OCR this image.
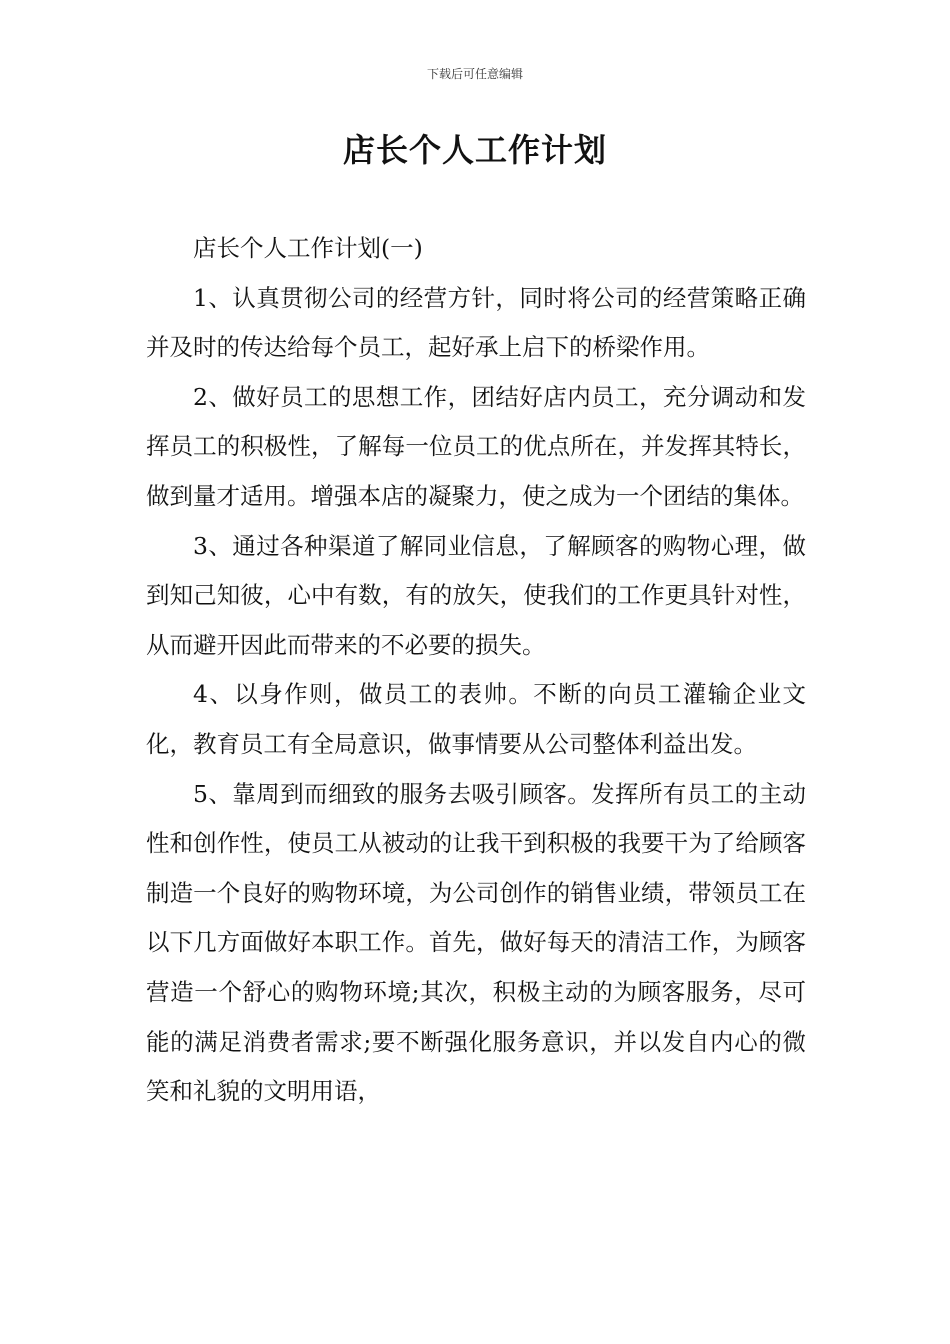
下载后可任意编辑
店长个人工作计划

店长个人工作计划(一)

1、认真贯彻公司的经营方针，同时将公司的经营策略正确并及时的传达给每个员工，起好承上启下的桥梁作用。

2、做好员工的思想工作，团结好店内员工，充分调动和发挥员工的积极性，了解每一位员工的优点所在，并发挥其特长，做到量才适用。增强本店的凝聚力，使之成为一个团结的集体。

3、通过各种渠道了解同业信息，了解顾客的购物心理，做到知己知彼，心中有数，有的放矢，使我们的工作更具针对性，从而避开因此而带来的不必要的损失。

4、以身作则，做员工的表帅。不断的向员工灌输企业文化，教育员工有全局意识，做事情要从公司整体利益出发。

5、靠周到而细致的服务去吸引顾客。发挥所有员工的主动性和创作性，使员工从被动的让我干到积极的我要干为了给顾客制造一个良好的购物环境，为公司创作的销售业绩，带领员工在以下几方面做好本职工作。首先，做好每天的清洁工作，为顾客营造一个舒心的购物环境;其次，积极主动的为顾客服务，尽可能的满足消费者需求;要不断强化服务意识，并以发自内心的微笑和礼貌的文明用语，
